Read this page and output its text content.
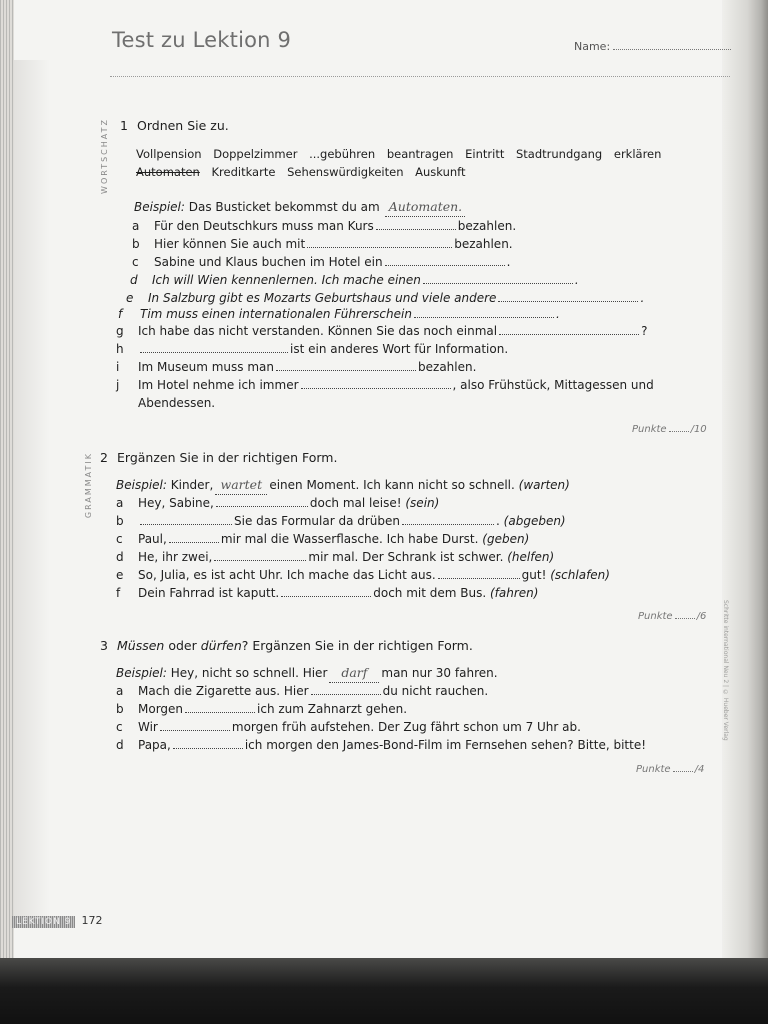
Test zu Lektion 9	Name:
WORTSCHATZ 1 Ordnen Sie zu.
Vollpension Doppelzimmer ...gebühren beantragen Eintritt Stadtrundgang erklären
Automaten Kreditkarte Sehenswürdigkeiten Auskunft
Beispiel: Das Busticket bekommst du am Automaten.
a Für den Deutschkurs muss man Kurs	bezahlen.
b Hier können Sie auch mit	bezahlen.
c Sabine und Klaus buchen im Hotel ein	.
d Ich will Wien kennenlernen. Ich mache einen	.
e In Salzburg gibt es Mozarts Geburtshaus und viele andere	.
f Tim muss einen internationalen Führerschein	.
g Ich habe das nicht verstanden. Können Sie das noch einmal	?
h	ist ein anderes Wort für Information.
i Im Museum muss man	bezahlen.
j Im Hotel nehme ich immer	, also Frühstück, Mittagessen und
Abendessen.
Punkte /10
GRAMMATIK 2 Ergänzen Sie in der richtigen Form.
Beispiel: Kinder, wartet einen Moment. Ich kann nicht so schnell. (warten)
a Hey, Sabine,	doch mal leise! (sein)
b	Sie das Formular da drüben	. (abgeben)
c Paul,	mir mal die Wasserflasche. Ich habe Durst. (geben)
d He, ihr zwei,	mir mal. Der Schrank ist schwer. (helfen)
e So, Julia, es ist acht Uhr. Ich mache das Licht aus.	gut! (schlafen)
f Dein Fahrrad ist kaputt.	doch mit dem Bus. (fahren)
Punkte /6
3 Müssen oder dürfen? Ergänzen Sie in der richtigen Form.
Beispiel: Hey, nicht so schnell. Hier darf man nur 30 fahren.
a Mach die Zigarette aus. Hier	du nicht rauchen.
b Morgen	ich zum Zahnarzt gehen.
c Wir	morgen früh aufstehen. Der Zug fährt schon um 7 Uhr ab.
d Papa,	ich morgen den James-Bond-Film im Fernsehen sehen? Bitte, bitte!
Punkte /4
Schritte international Neu 2 | © Hueber Verlag
LEKTION 9 172
